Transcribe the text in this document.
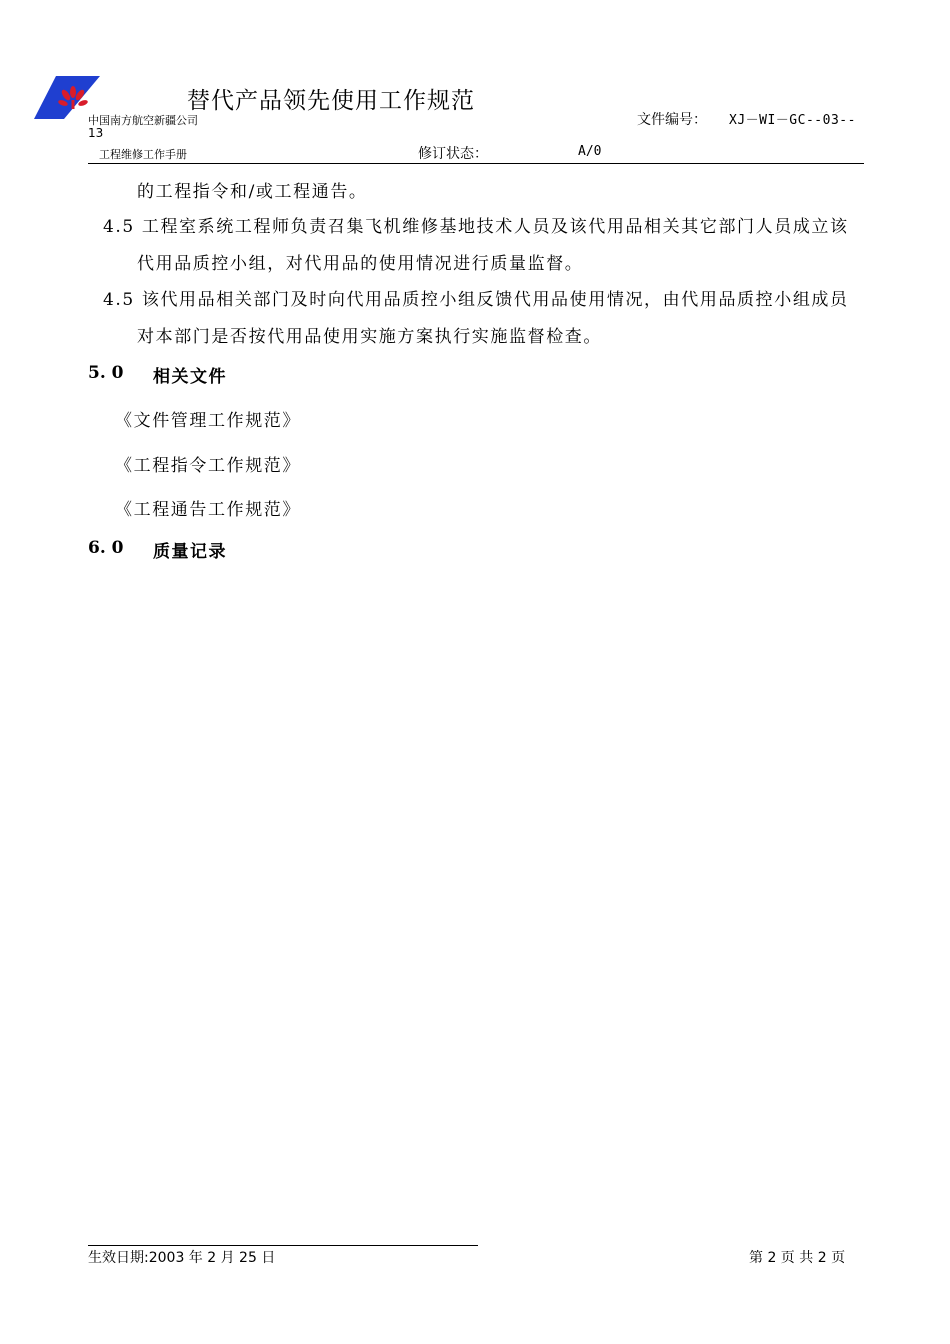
替代产品领先使用工作规范
中国南方航空新疆公司	文件编号： XJ－WI－GC--03--
13
工程维修工作手册	修订状态：	A/0
的工程指令和/或工程通告。
4.5 工程室系统工程师负责召集飞机维修基地技术人员及该代用品相关其它部门人员成立该
代用品质控小组，对代用品的使用情况进行质量监督。
4.5 该代用品相关部门及时向代用品质控小组反馈代用品使用情况，由代用品质控小组成员
对本部门是否按代用品使用实施方案执行实施监督检查。
5. 0 相关文件
《文件管理工作规范》
《工程指令工作规范》
《工程通告工作规范》
6. 0 质量记录
生效日期:2003 年 2 月 25 日	第 2 页 共 2 页
